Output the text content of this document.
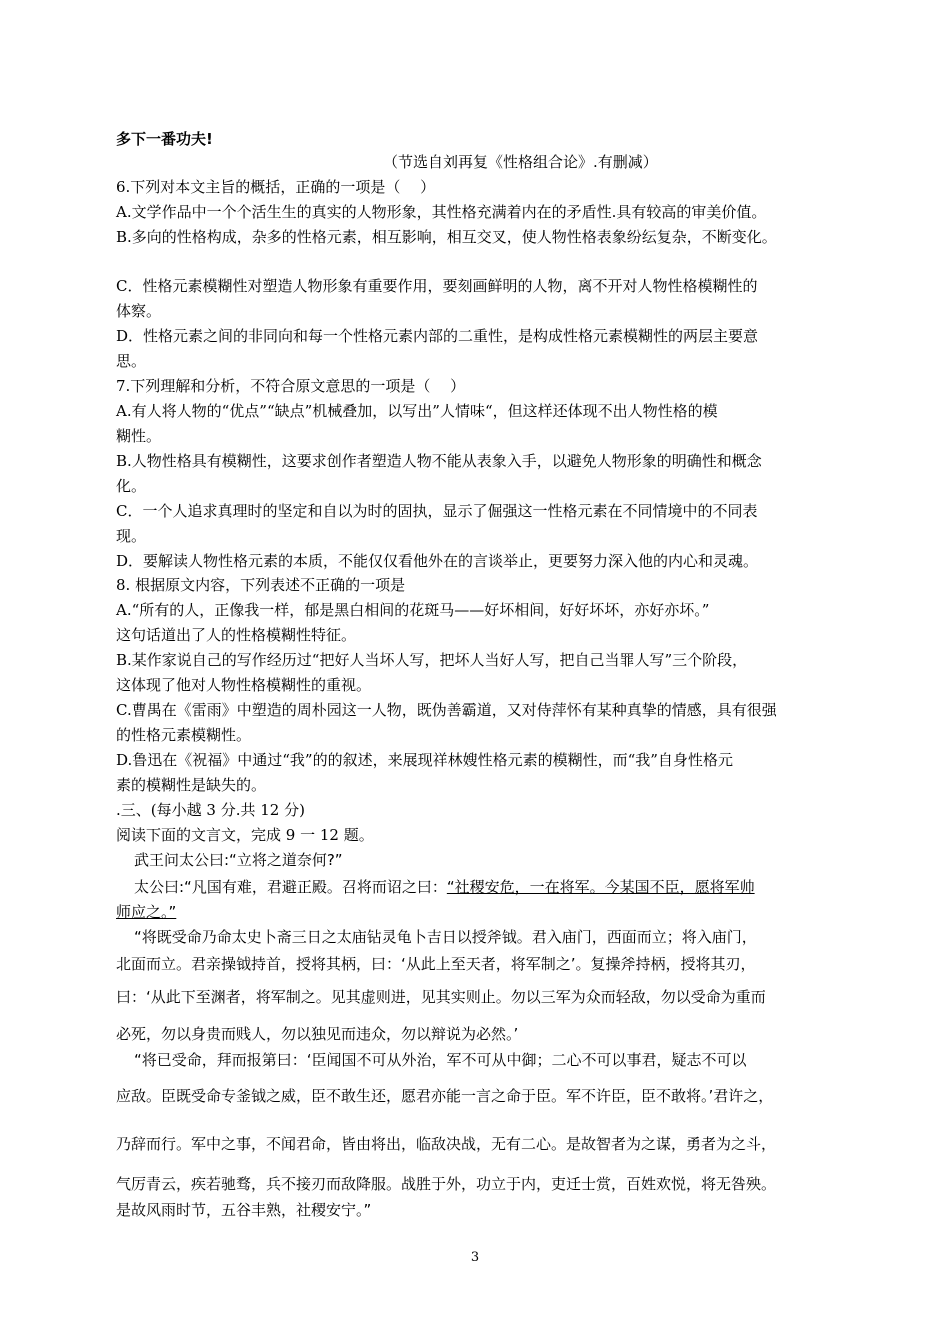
多下一番功夫!
（节选自刘再复《性格组合论》.有删减）
6.下列对本文主旨的概括，正确的一项是（　 ）
A.文学作品中一个个活生生的真实的人物形象，其性格充满着内在的矛盾性.具有较高的审美价值。
B.多向的性格构成，杂多的性格元素，相互影响，相互交叉，使人物性格表象纷纭复杂，不断变化。
C．性格元素模糊性对塑造人物形象有重要作用，要刻画鲜明的人物，离不开对人物性格模糊性的
体察。
D．性格元素之间的非同向和每一个性格元素内部的二重性，是构成性格元素模糊性的两层主要意
思。
7.下列理解和分析，不符合原文意思的一项是（　 ）
A.有人将人物的“优点”“缺点”机械叠加，以写出”人情味“，但这样还体现不出人物性格的模
糊性。
B.人物性格具有模糊性，这要求创作者塑造人物不能从表象入手，以避免人物形象的明确性和概念
化。
C．一个人追求真理时的坚定和自以为时的固执，显示了倔强这一性格元素在不同情境中的不同表
现。
D．要解读人物性格元素的本质，不能仅仅看他外在的言谈举止，更要努力深入他的内心和灵魂。
8. 根据原文内容，下列表述不正确的一项是
A.“所有的人，正像我一样，郁是黑白相间的花斑马——好坏相间，好好坏坏，亦好亦坏。”
这句话道出了人的性格模糊性特征。
B.某作家说自己的写作经历过“把好人当坏人写，把坏人当好人写，把自己当罪人写”三个阶段，
这体现了他对人物性格模糊性的重视。
C.曹禺在《雷雨》中塑造的周朴园这一人物，既伪善霸道，又对侍萍怀有某种真挚的情感，具有很强
的性格元素模糊性。
D.鲁迅在《祝福》中通过“我”的的叙述，来展现祥林嫂性格元素的模糊性，而“我”自身性格元
素的模糊性是缺失的。
.三、(每小越 3 分.共 12 分)
阅读下面的文言文，完成 9 一 12 题。
武王问太公曰:“立将之道奈何?”
太公曰:“凡国有难，君避正殿。召将而诏之曰：“社稷安危，一在将军。今某国不臣，愿将军帅
师应之。”
“将既受命乃命太史卜斋三日之太庙钻灵龟卜吉日以授斧钺。君入庙门，西面而立；将入庙门，
北面而立。君亲操钺持首，授将其柄，曰：‘从此上至天者，将军制之’。复操斧持柄，授将其刃，
曰：‘从此下至渊者，将军制之。见其虚则进，见其实则止。勿以三军为众而轻敌，勿以受命为重而
必死，勿以身贵而贱人，勿以独见而违众，勿以辩说为必然。’
“将已受命，拜而报第曰：‘臣闻国不可从外治，军不可从中御；二心不可以事君，疑志不可以
应敌。臣既受命专釜钺之威，臣不敢生还，愿君亦能一言之命于臣。军不许臣，臣不敢将。’君许之，
乃辞而行。军中之事，不闻君命，皆由将出，临敌决战，无有二心。是故智者为之谋，勇者为之斗，
气厉青云，疾若驰骛，兵不接刃而敌降服。战胜于外，功立于内，吏迁士赏，百姓欢悦，将无咎殃。
是故风雨时节，五谷丰熟，社稷安宁。”
3
